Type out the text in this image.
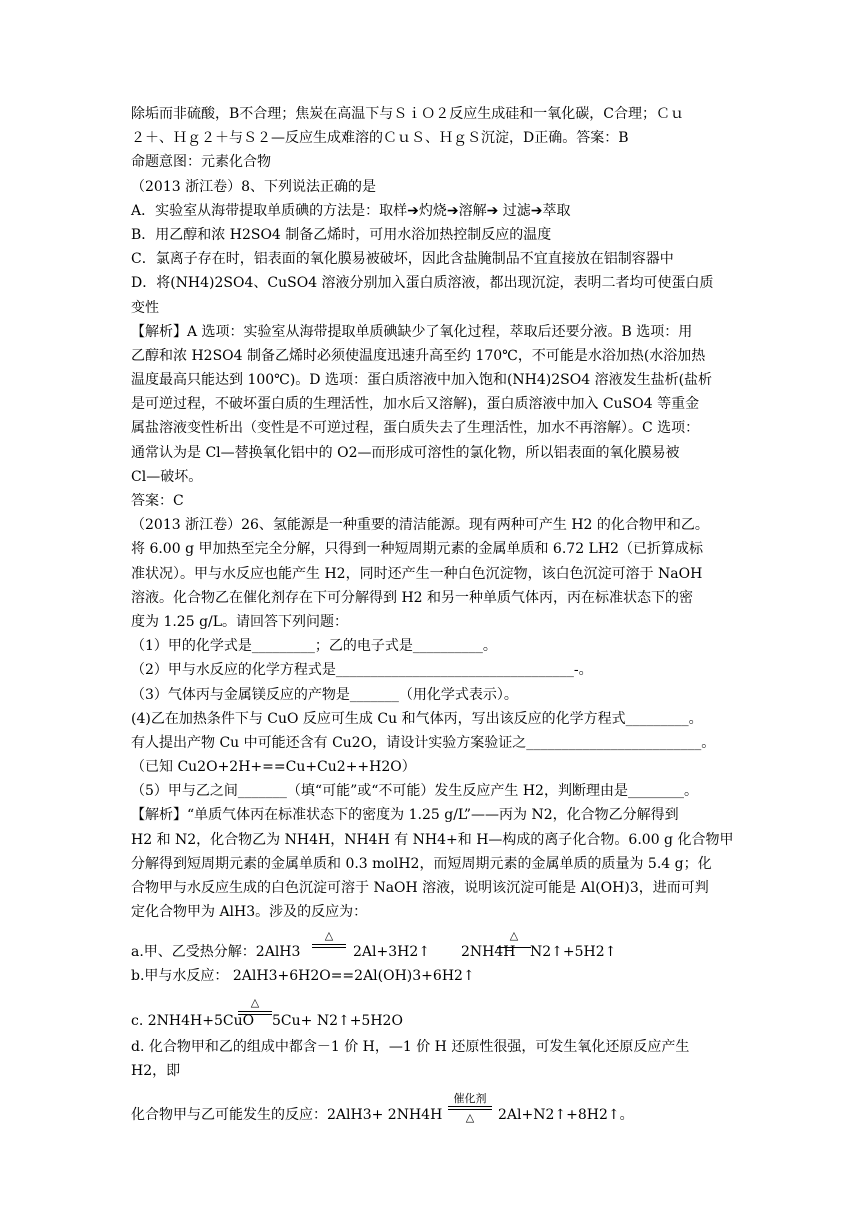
除垢而非硫酸，B不合理；焦炭在高温下与ＳｉＯ２反应生成硅和一氧化碳，C合理；Ｃｕ
２＋、Ｈｇ２＋与Ｓ２—反应生成难溶的ＣｕＳ、ＨｇＳ沉淀，D正确。答案：B
命题意图：元素化合物
（2013 浙江卷）8、下列说法正确的是
A．实验室从海带提取单质碘的方法是：取样➔灼烧➔溶解➔ 过滤➔萃取
B．用乙醇和浓 H2SO4 制备乙烯时，可用水浴加热控制反应的温度
C．氯离子存在时，铝表面的氧化膜易被破坏，因此含盐腌制品不宜直接放在铝制容器中
D．将(NH4)2SO4、CuSO4 溶液分别加入蛋白质溶液，都出现沉淀，表明二者均可使蛋白质
变性
【解析】A 选项：实验室从海带提取单质碘缺少了氧化过程，萃取后还要分液。B 选项：用
乙醇和浓 H2SO4 制备乙烯时必须使温度迅速升高至约 170℃，不可能是水浴加热(水浴加热
温度最高只能达到 100℃)。D 选项：蛋白质溶液中加入饱和(NH4)2SO4 溶液发生盐析(盐析
是可逆过程，不破坏蛋白质的生理活性，加水后又溶解)，蛋白质溶液中加入 CuSO4 等重金
属盐溶液变性析出（变性是不可逆过程，蛋白质失去了生理活性，加水不再溶解）。C 选项：
通常认为是 Cl—替换氧化铝中的 O2—而形成可溶性的氯化物，所以铝表面的氧化膜易被
Cl—破坏。
答案：C
（2013 浙江卷）26、氢能源是一种重要的清洁能源。现有两种可产生 H2 的化合物甲和乙。
将 6.00 g 甲加热至完全分解，只得到一种短周期元素的金属单质和 6.72 LH2（已折算成标
准状况）。甲与水反应也能产生 H2，同时还产生一种白色沉淀物，该白色沉淀可溶于 NaOH
溶液。化合物乙在催化剂存在下可分解得到 H2 和另一种单质气体丙，丙在标准状态下的密
度为 1.25 g/L。请回答下列问题：
（1）甲的化学式是_________；乙的电子式是__________。
（2）甲与水反应的化学方程式是__________________________________-。
（3）气体丙与金属镁反应的产物是_______（用化学式表示）。
(4)乙在加热条件下与 CuO 反应可生成 Cu 和气体丙，写出该反应的化学方程式_________。
有人提出产物 Cu 中可能还含有 Cu2O，请设计实验方案验证之_________________________。
（已知 Cu2O+2H+==Cu+Cu2++H2O）
（5）甲与乙之间_______（填“可能”或“不可能）发生反应产生 H2，判断理由是________。
【解析】“单质气体丙在标准状态下的密度为 1.25 g/L”——丙为 N2，化合物乙分解得到
H2 和 N2，化合物乙为 NH4H，NH4H 有 NH4+和 H—构成的离子化合物。6.00 g 化合物甲
分解得到短周期元素的金属单质和 0.3 molH2，而短周期元素的金属单质的质量为 5.4 g；化
合物甲与水反应生成的白色沉淀可溶于 NaOH 溶液，说明该沉淀可能是 Al(OH)3，进而可判
定化合物甲为 AlH3。涉及的反应为：
a.甲、乙受热分解：2AlH3
△
2Al+3H2↑ 2NH4H
△
N2↑+5H2↑
b.甲与水反应： 2AlH3+6H2O==2Al(OH)3+6H2↑
c. 2NH4H+5CuO
△
5Cu+ N2↑+5H2O
d. 化合物甲和乙的组成中都含－1 价 H，—1 价 H 还原性很强，可发生氧化还原反应产生
H2，即
化合物甲与乙可能发生的反应：2AlH3+ 2NH4H
催化剂
△	2Al+N2↑+8H2↑。
